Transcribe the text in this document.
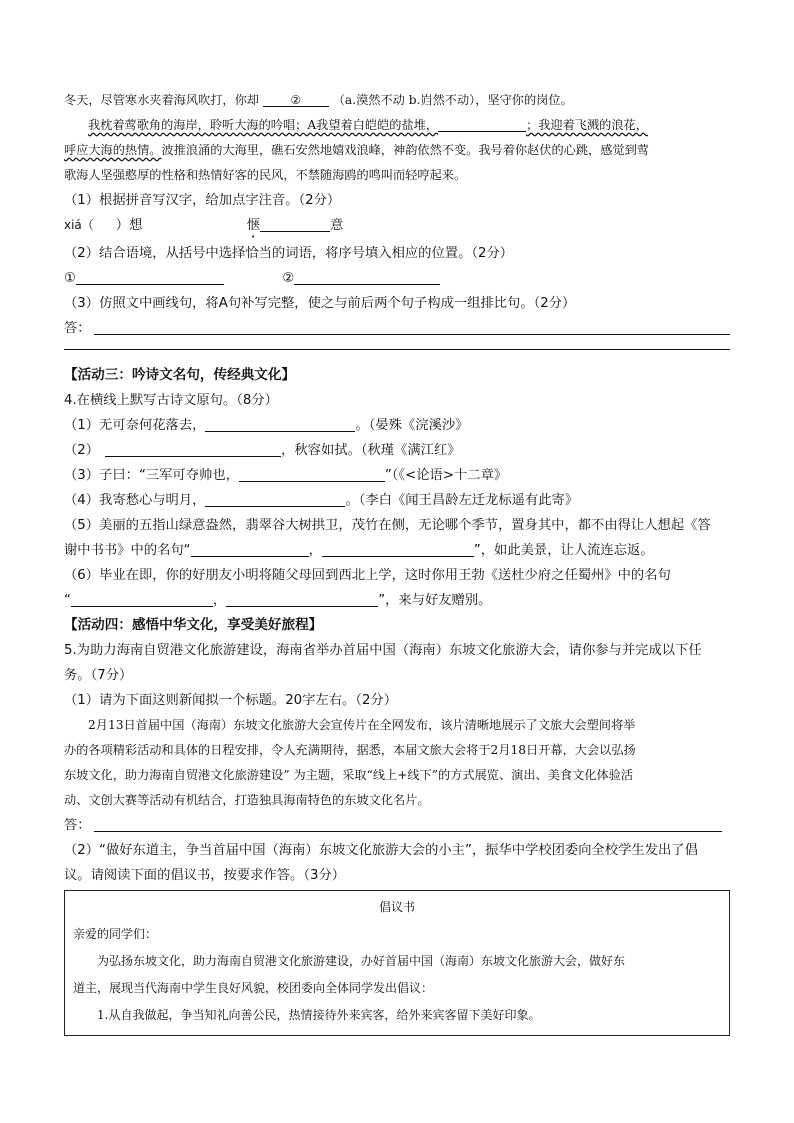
冬天，尽管寒水夹着海风吹打，你却	②	（a.漠然不动 b.岿然不动），坚守你的岗位。
我枕着莺歌角的海岸，聆听大海的吟唱；A我望着白皑皑的盐堆，	；我迎着飞溅的浪花，
呼应大海的热情。波推浪涌的大海里，礁石安然地嬉戏浪峰，神韵依然不变。我号着你赵伏的心跳，感觉到莺
歌海人坚强憨厚的性格和热情好客的民风，不禁随海鸥的鸣叫而轻哼起来。
（1）根据拼音写汉字，给加点字注音。（2分）
xiá（ ）想	惬	意
（2）结合语境，从括号中选择恰当的词语，将序号填入相应的位置。（2分）
①	②
（3）仿照文中画线句，将A句补写完整，使之与前后两个句子构成一组排比句。（2分）
答：
【活动三：吟诗文名句，传经典文化】
4.在横线上默写古诗文原句。（8分）
（1）无可奈何花落去，	。（晏殊《浣溪沙》
（2）	，秋容如拭。（秋瑾《满江红》
（3）子曰：“三军可夺帅也，	”（《<论语>十二章》
（4）我寄愁心与明月，	。（李白《闻王昌龄左迁龙标遥有此寄》
（5）美丽的五指山绿意盎然，翡翠谷大树拱卫，茂竹在侧，无论哪个季节，置身其中，都不由得让人想起《答
谢中书书》中的名句“	，	”，如此美景，让人流连忘返。
（6）毕业在即，你的好朋友小明将随父母回到西北上学，这时你用王勃《送杜少府之任蜀州》中的名句
“	，	”，来与好友赠别。
【活动四：感悟中华文化，享受美好旅程】
5.为助力海南自贸港文化旅游建设，海南省举办首届中国（海南）东坡文化旅游大会，请你参与并完成以下任
务。（7分）
（1）请为下面这则新闻拟一个标题。20字左右。（2分）
2月13日首届中国（海南）东坡文化旅游大会宣传片在全网发布，该片清晰地展示了文旅大会塑间将举
办的各项精彩活动和具体的日程安排，令人充满期待，据悉，本届文旅大会将于2月18日开幕，大会以弘扬
东坡文化，助力海南自贸港文化旅游建设” 为主题，采取“线上+线下”的方式展览、演出、美食文化体验活
动、文创大赛等活动有机结合，打造独具海南特色的东坡文化名片。
答：
（2）“做好东道主，争当首届中国（海南）东坡文化旅游大会的小主”，振华中学校团委向全校学生发出了倡
议。请阅读下面的倡议书，按要求作答。（3分）
倡议书
亲爱的同学们：
为弘扬东坡文化，助力海南自贸港文化旅游建设，办好首届中国（海南）东坡文化旅游大会，做好东
道主，展现当代海南中学生良好风貌，校团委向全体同学发出倡议：
1.从自我做起，争当知礼向善公民，热情接待外来宾客，给外来宾客留下美好印象。
